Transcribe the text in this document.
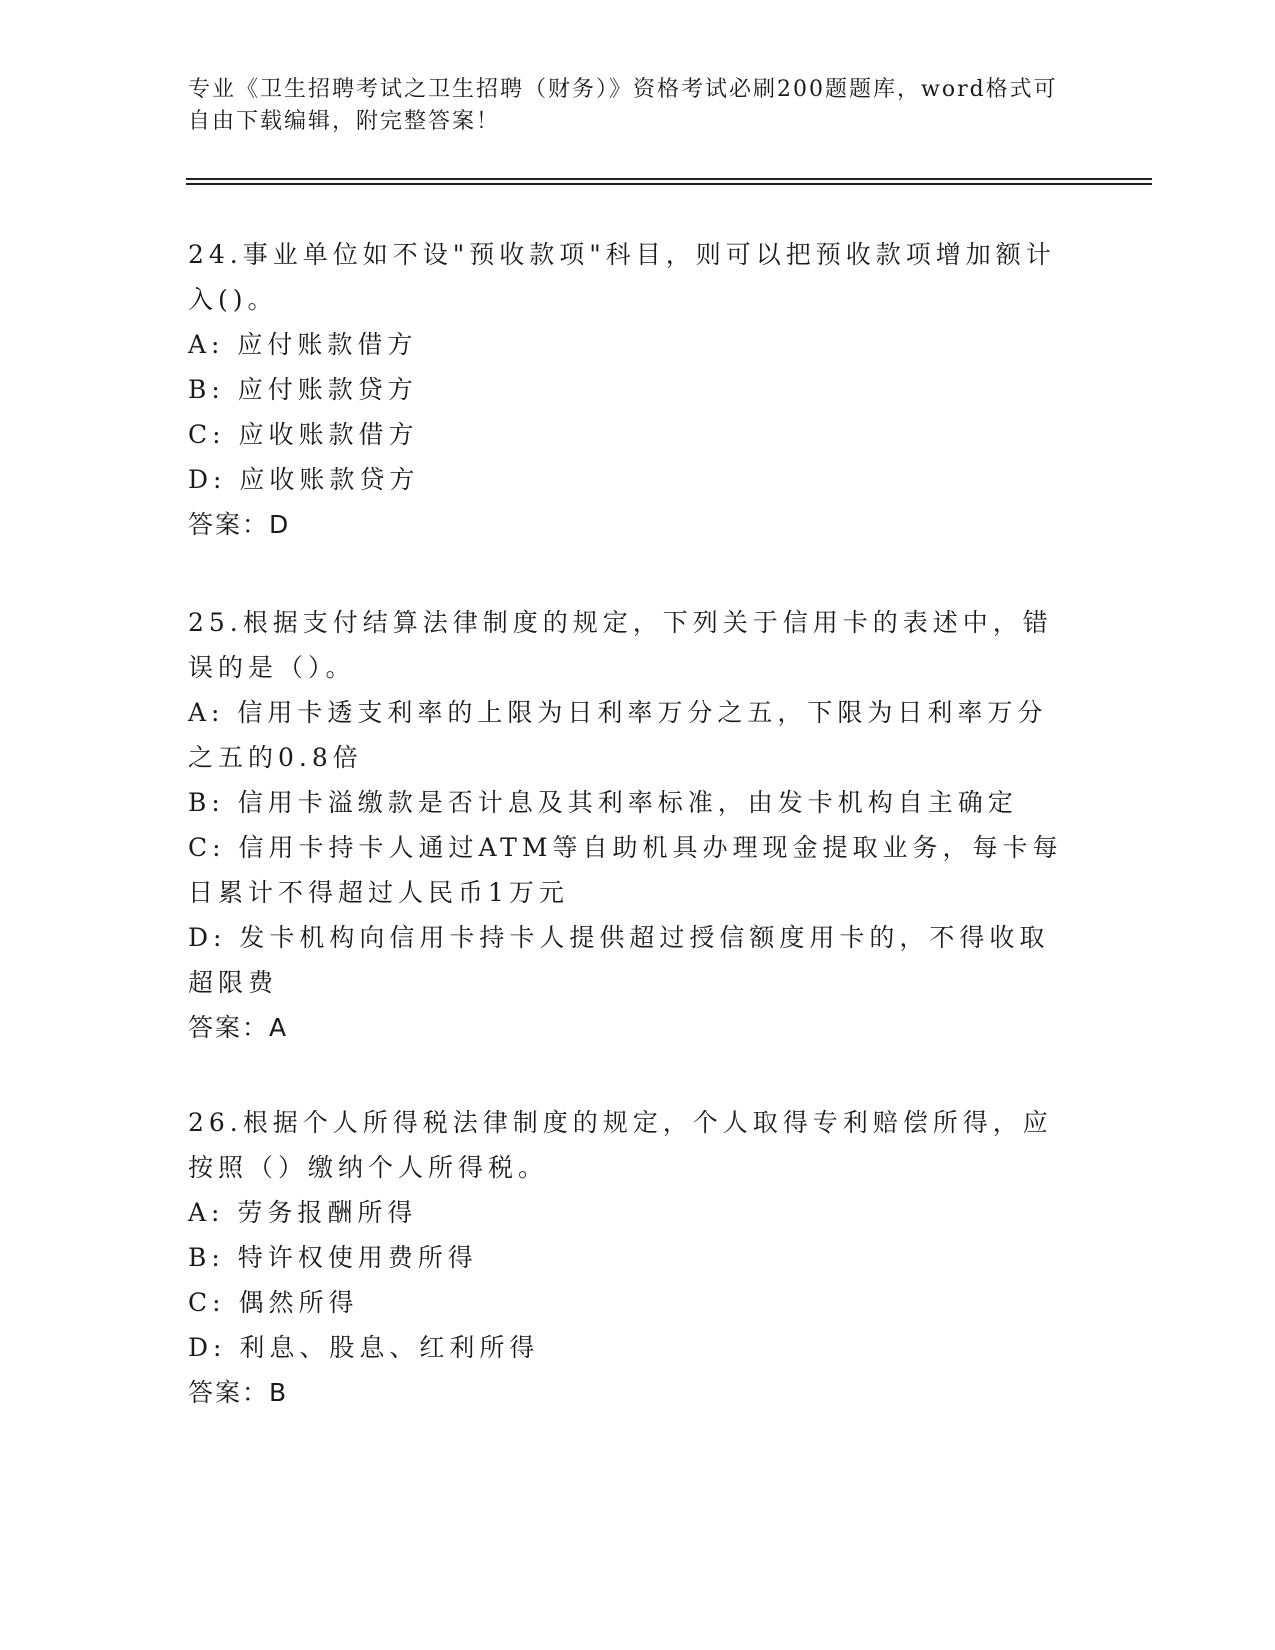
专业《卫生招聘考试之卫生招聘（财务）》资格考试必刷200题题库，word格式可自由下载编辑，附完整答案！

24.事业单位如不设"预收款项"科目，则可以把预收款项增加额计入()。

A: 应付账款借方

B: 应付账款贷方

C: 应收账款借方

D: 应收账款贷方

答案：D

25.根据支付结算法律制度的规定，下列关于信用卡的表述中，错误的是（）。

A: 信用卡透支利率的上限为日利率万分之五，下限为日利率万分之五的0.8倍

B: 信用卡溢缴款是否计息及其利率标准，由发卡机构自主确定

C: 信用卡持卡人通过ATM等自助机具办理现金提取业务，每卡每日累计不得超过人民币1万元

D: 发卡机构向信用卡持卡人提供超过授信额度用卡的，不得收取超限费

答案：A

26.根据个人所得税法律制度的规定，个人取得专利赔偿所得，应按照（）缴纳个人所得税。

A: 劳务报酬所得

B: 特许权使用费所得

C: 偶然所得

D: 利息、股息、红利所得

答案：B
